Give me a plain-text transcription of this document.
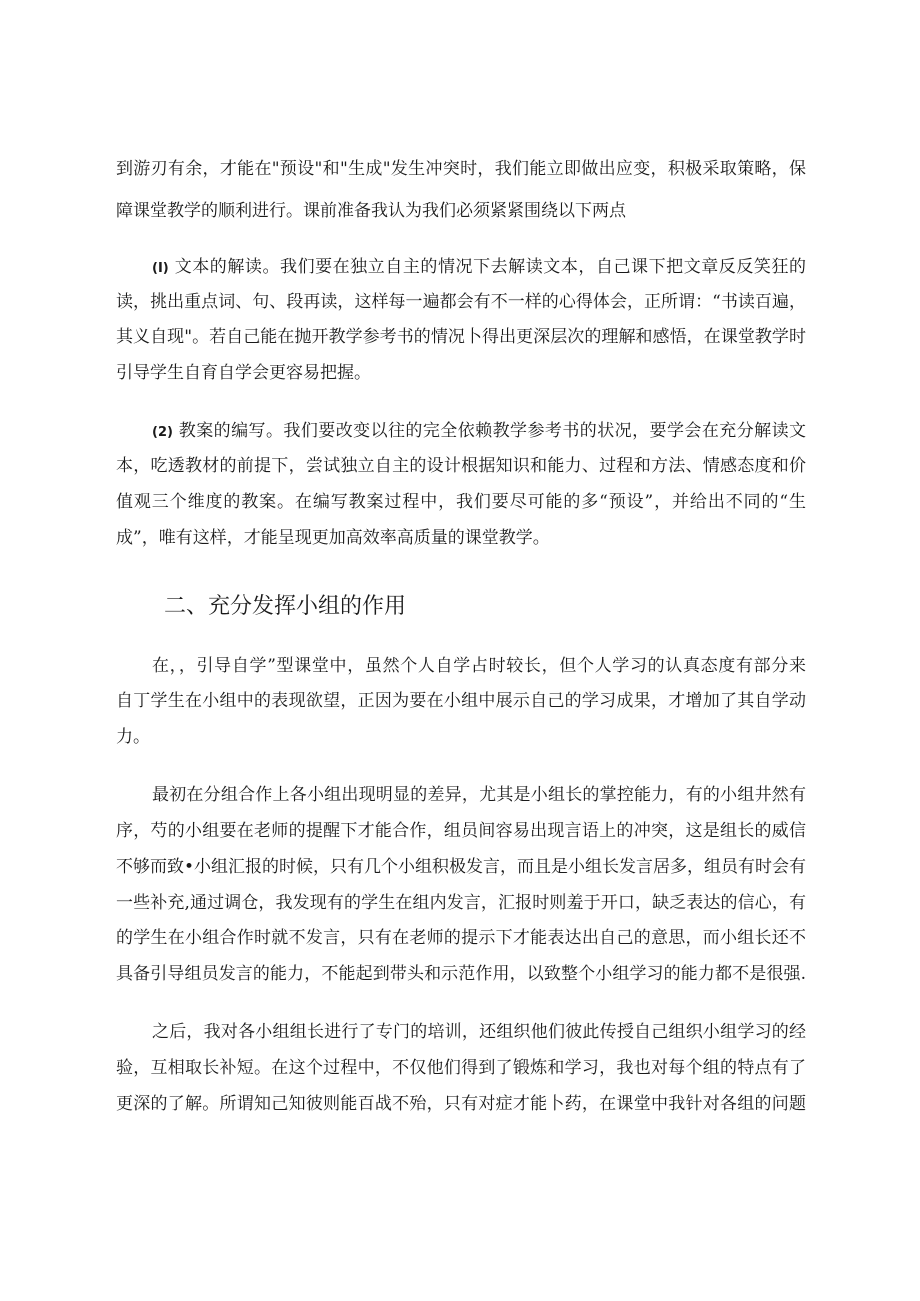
到游刃有余，才能在"预设"和"生成"发生冲突时，我们能立即做出应变，积极采取策略，保
障课堂教学的顺利进行。课前准备我认为我们必须紧紧围绕以下两点
(I) 文本的解读。我们要在独立自主的情况下去解读文本，自己课下把文章反反笑狂的
读，挑出重点词、句、段再读，这样每一遍都会有不一样的心得体会，正所谓：“书读百遍，
其义自现"。若自己能在抛开教学参考书的情况卜得出更深层次的理解和感悟，在课堂教学时
引导学生自育自学会更容易把握。
(2) 教案的编写。我们要改变以往的完全依赖教学参考书的状况，要学会在充分解读文
本，吃透教材的前提下，尝试独立自主的设计根据知识和能力、过程和方法、情感态度和价
值观三个维度的教案。在编写教案过程中，我们要尽可能的多“预设”，并给出不同的“生
成”，唯有这样，才能呈现更加高效率高质量的课堂教学。
二、充分发挥小组的作用
在，，引导自学”型课堂中，虽然个人自学占时较长，但个人学习的认真态度有部分来
自丁学生在小组中的表现欲望，正因为要在小组中展示自己的学习成果，才增加了其自学动
力。
最初在分组合作上各小组出现明显的差异，尤其是小组长的掌控能力，有的小组井然有
序，芍的小组要在老师的提醒下才能合作，组员间容易出现言语上的冲突，这是组长的威信
不够而致•小组汇报的时候，只有几个小组积极发言，而且是小组长发言居多，组员有时会有
一些补充,通过调仓，我发现有的学生在组内发言，汇报时则羞于开口，缺乏表达的信心，有
的学生在小组合作时就不发言，只有在老师的提示下才能表达出自己的意思，而小组长还不
具备引导组员发言的能力，不能起到带头和示范作用，以致整个小组学习的能力都不是很强.
之后，我对各小组组长进行了专门的培训，还组织他们彼此传授自己组织小组学习的经
验，互相取长补短。在这个过程中，不仅他们得到了锻炼和学习，我也对每个组的特点有了
更深的了解。所谓知己知彼则能百战不殆，只有对症才能卜药，在课堂中我针对各组的问题
